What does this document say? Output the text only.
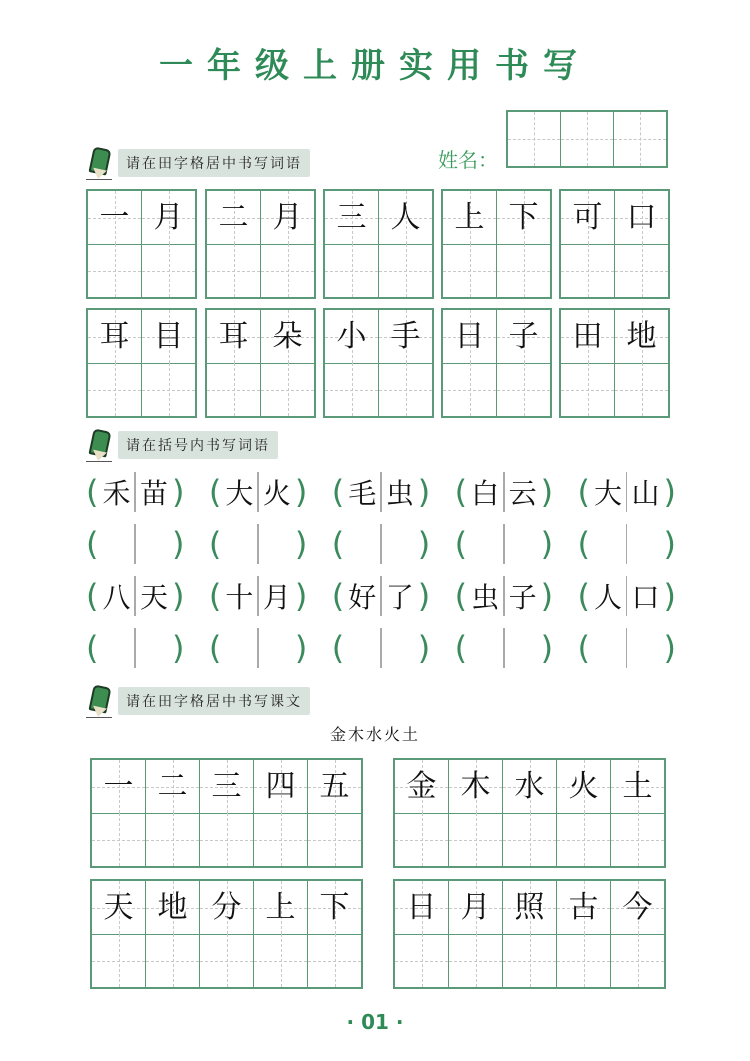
一年级上册实用书写
姓名：
请在田字格居中书写词语
请在括号内书写词语
( 禾 苗 ) ( 大 火 ) ( 毛 虫 ) ( 白 云 ) ( 大 山 )
( ) ( ) ( ) ( ) ( )
( 八 天 ) ( 十 月 ) ( 好 了 ) ( 虫 子 ) ( 人 口 )
( ) ( ) ( ) ( ) ( )
请在田字格居中书写课文
金木水火土
· 01 ·
一 月	二 月	三 人	上 下	可 口
耳 目	耳 朵	小 手	日 子	田 地
一 二 三 四 五	金 木 水 火 土
天 地 分 上 下	日 月 照 古 今
